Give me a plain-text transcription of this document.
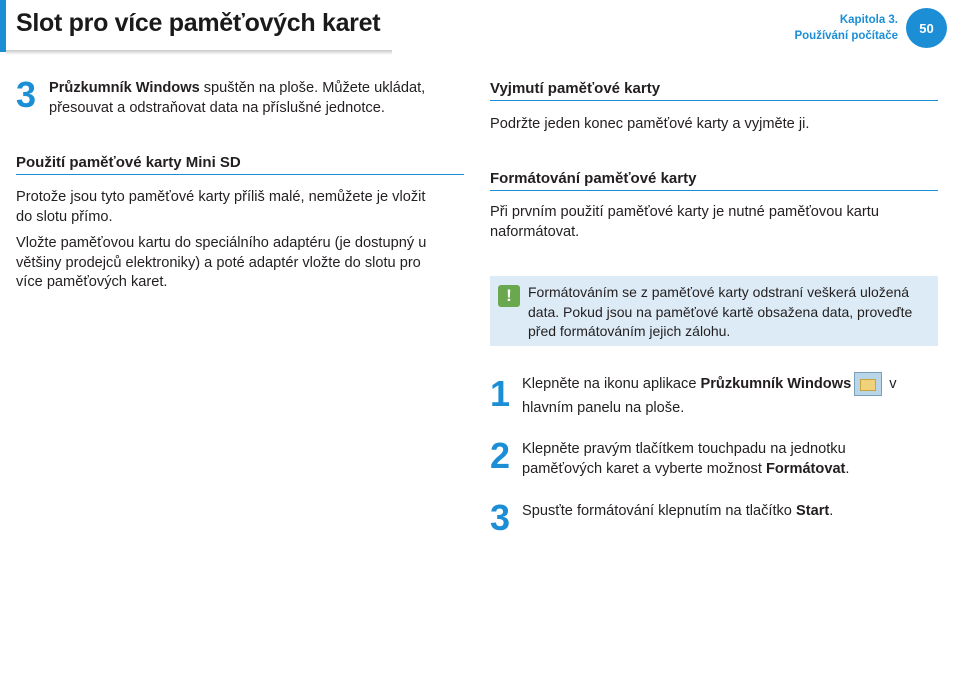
Slot pro více paměťových karet	Kapitola 3.
Používání počítače
50
3 Průzkumník Windows spuštěn na ploše. Můžete ukládat,
přesouvat a odstraňovat data na příslušné jednotce.

Použití paměťové karty Mini SD

Protože jsou tyto paměťové karty příliš malé, nemůžete je vložit
do slotu přímo.

Vložte paměťovou kartu do speciálního adaptéru (je dostupný u
většiny prodejců elektroniky) a poté adaptér vložte do slotu pro
více paměťových karet.

Vyjmutí paměťové karty

Podržte jeden konec paměťové karty a vyjměte ji.

Formátování paměťové karty

Při prvním použití paměťové karty je nutné paměťovou kartu
naformátovat.

!	Formátováním se z paměťové karty odstraní veškerá uložená
data. Pokud jsou na paměťové kartě obsažena data, proveďte
před formátováním jejich zálohu.
1 Klepněte na ikonu aplikace Průzkumník Windows
v
hlavním panelu na ploše.

2 Klepněte pravým tlačítkem touchpadu na jednotku
paměťových karet a vyberte možnost Formátovat.

3 Spusťte formátování klepnutím na tlačítko Start.
